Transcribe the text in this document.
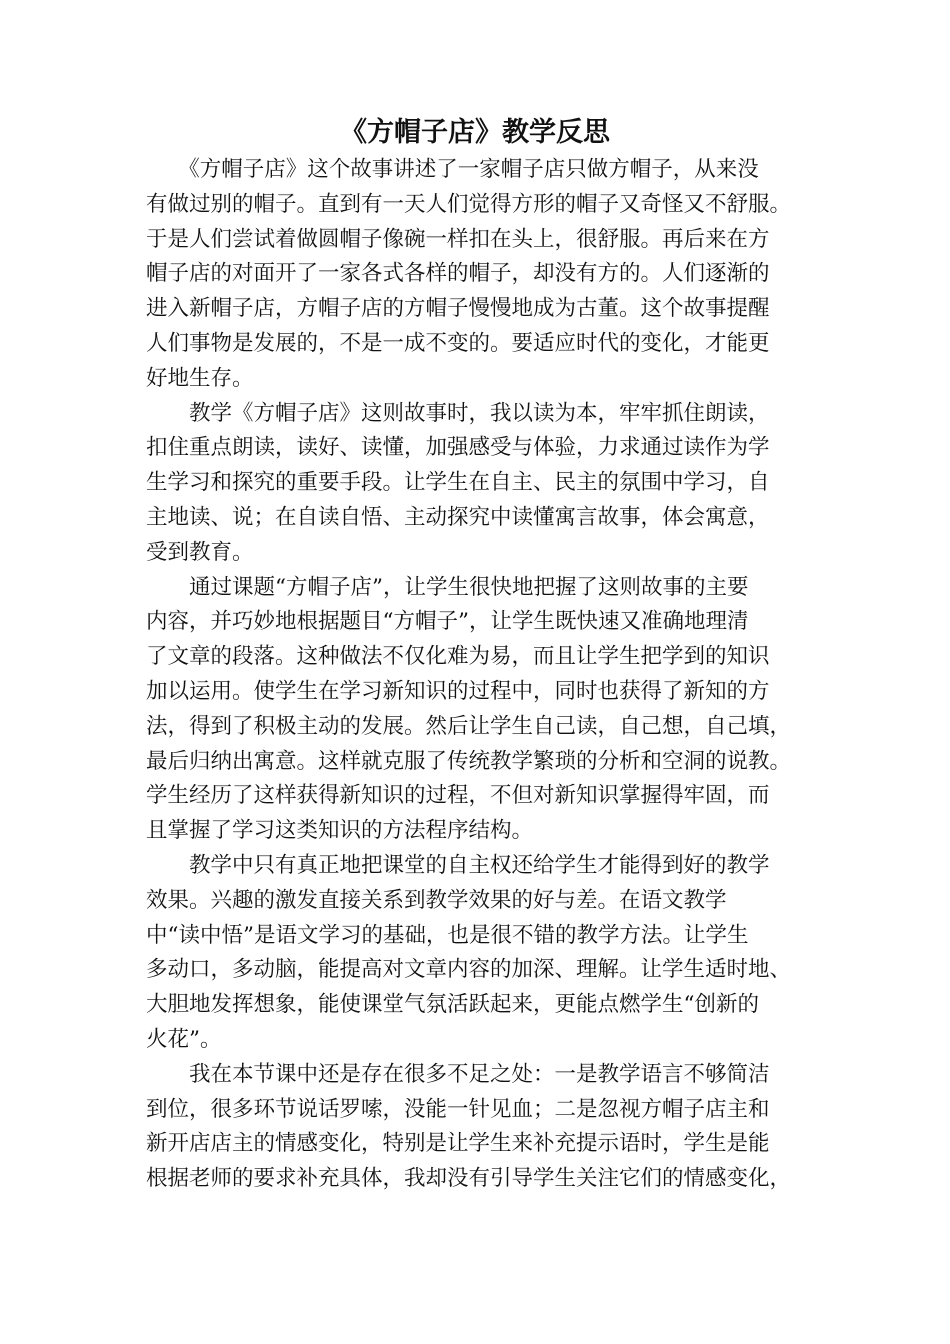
《方帽子店》教学反思
　　《方帽子店》这个故事讲述了一家帽子店只做方帽子，从来没
有做过别的帽子。直到有一天人们觉得方形的帽子又奇怪又不舒服。
于是人们尝试着做圆帽子像碗一样扣在头上，很舒服。再后来在方
帽子店的对面开了一家各式各样的帽子，却没有方的。人们逐渐的
进入新帽子店，方帽子店的方帽子慢慢地成为古董。这个故事提醒
人们事物是发展的，不是一成不变的。要适应时代的变化，才能更
好地生存。
　　教学《方帽子店》这则故事时，我以读为本，牢牢抓住朗读，
扣住重点朗读，读好、读懂，加强感受与体验，力求通过读作为学
生学习和探究的重要手段。让学生在自主、民主的氛围中学习，自
主地读、说；在自读自悟、主动探究中读懂寓言故事，体会寓意，
受到教育。
　　通过课题“方帽子店”，让学生很快地把握了这则故事的主要
内容，并巧妙地根据题目“方帽子”，让学生既快速又准确地理清
了文章的段落。这种做法不仅化难为易，而且让学生把学到的知识
加以运用。使学生在学习新知识的过程中，同时也获得了新知的方
法，得到了积极主动的发展。然后让学生自己读，自己想，自己填，
最后归纳出寓意。这样就克服了传统教学繁琐的分析和空洞的说教。
学生经历了这样获得新知识的过程，不但对新知识掌握得牢固，而
且掌握了学习这类知识的方法程序结构。
　　教学中只有真正地把课堂的自主权还给学生才能得到好的教学
效果。兴趣的激发直接关系到教学效果的好与差。在语文教学
中“读中悟”是语文学习的基础，也是很不错的教学方法。让学生
多动口，多动脑，能提高对文章内容的加深、理解。让学生适时地、
大胆地发挥想象，能使课堂气氛活跃起来，更能点燃学生“创新的
火花”。
　　我在本节课中还是存在很多不足之处：一是教学语言不够简洁
到位，很多环节说话罗嗦，没能一针见血；二是忽视方帽子店主和
新开店店主的情感变化，特别是让学生来补充提示语时，学生是能
根据老师的要求补充具体，我却没有引导学生关注它们的情感变化，
